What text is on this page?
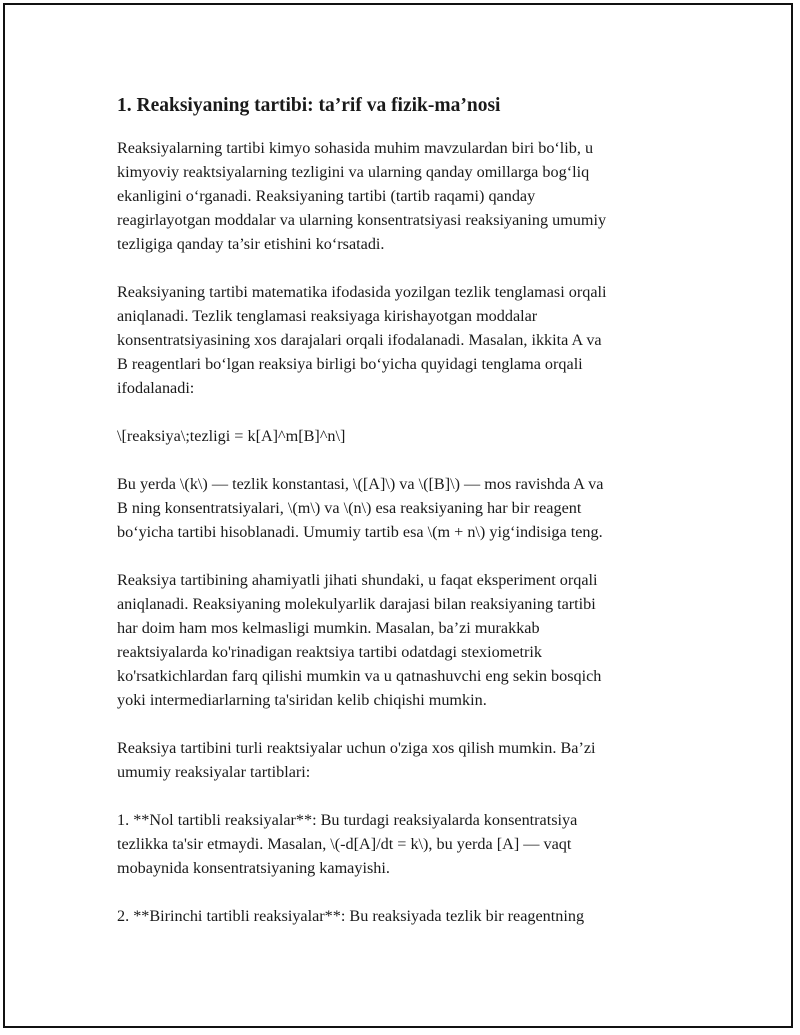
1. Reaksiyaning tartibi: ta’rif va fizik-ma’nosi

Reaksiyalarning tartibi kimyo sohasida muhim mavzulardan biri bo‘lib, u
kimyoviy reaktsiyalarning tezligini va ularning qanday omillarga bog‘liq
ekanligini o‘rganadi. Reaksiyaning tartibi (tartib raqami) qanday
reagirlayotgan moddalar va ularning konsentratsiyasi reaksiyaning umumiy
tezligiga qanday ta’sir etishini ko‘rsatadi.

Reaksiyaning tartibi matematika ifodasida yozilgan tezlik tenglamasi orqali
aniqlanadi. Tezlik tenglamasi reaksiyaga kirishayotgan moddalar
konsentratsiyasining xos darajalari orqali ifodalanadi. Masalan, ikkita A va
B reagentlari bo‘lgan reaksiya birligi bo‘yicha quyidagi tenglama orqali
ifodalanadi:

\[reaksiya\;tezligi = k[A]^m[B]^n\]

Bu yerda \(k\) — tezlik konstantasi, \([A]\) va \([B]\) — mos ravishda A va
B ning konsentratsiyalari, \(m\) va \(n\) esa reaksiyaning har bir reagent
bo‘yicha tartibi hisoblanadi. Umumiy tartib esa \(m + n\) yig‘indisiga teng.

Reaksiya tartibining ahamiyatli jihati shundaki, u faqat eksperiment orqali
aniqlanadi. Reaksiyaning molekulyarlik darajasi bilan reaksiyaning tartibi
har doim ham mos kelmasligi mumkin. Masalan, ba’zi murakkab
reaktsiyalarda ko'rinadigan reaktsiya tartibi odatdagi stexiometrik
ko'rsatkichlardan farq qilishi mumkin va u qatnashuvchi eng sekin bosqich
yoki intermediarlarning ta'siridan kelib chiqishi mumkin.

Reaksiya tartibini turli reaktsiyalar uchun o'ziga xos qilish mumkin. Ba’zi
umumiy reaksiyalar tartiblari:

1. **Nol tartibli reaksiyalar**: Bu turdagi reaksiyalarda konsentratsiya
tezlikka ta'sir etmaydi. Masalan, \(-d[A]/dt = k\), bu yerda [A] — vaqt
mobaynida konsentratsiyaning kamayishi.

2. **Birinchi tartibli reaksiyalar**: Bu reaksiyada tezlik bir reagentning
